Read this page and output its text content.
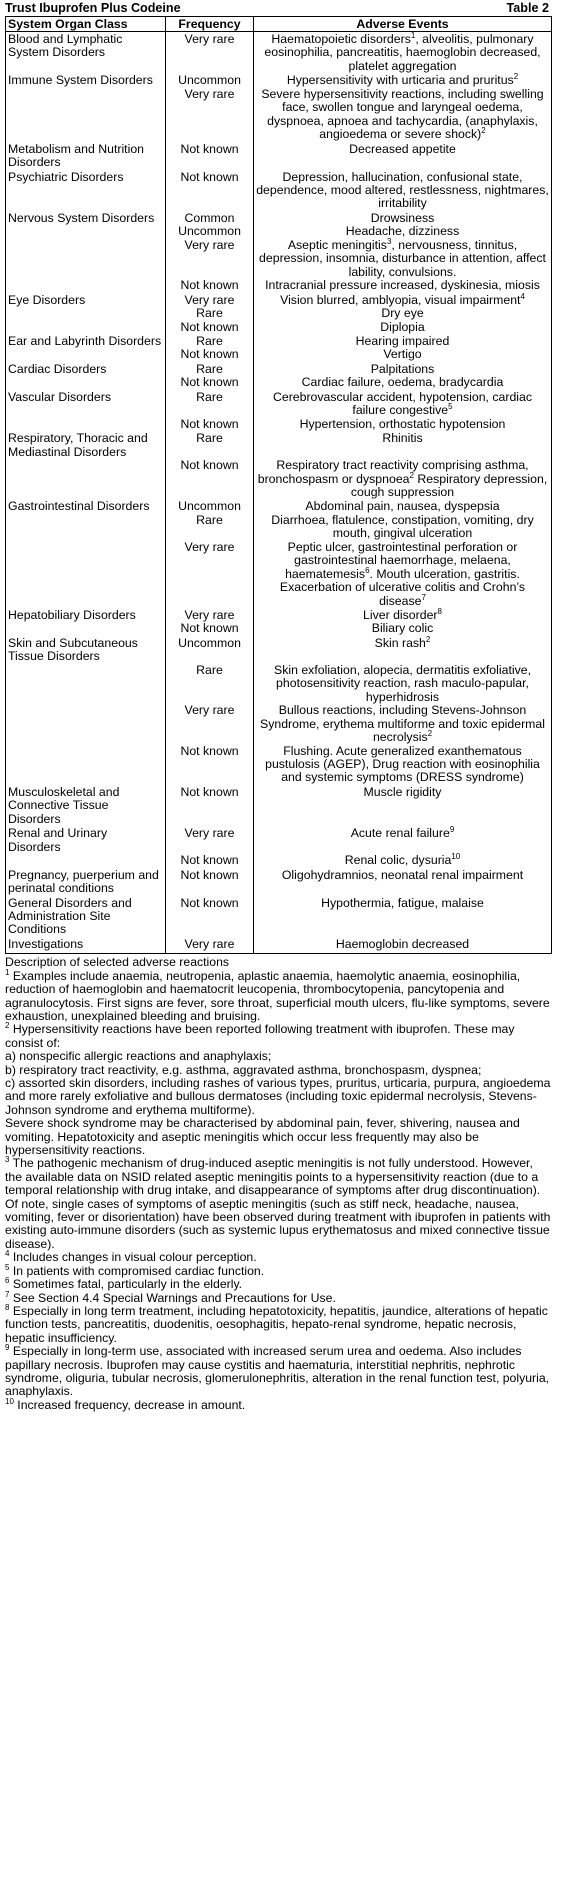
Trust Ibuprofen Plus Codeine	Table 2
System Organ Class	Frequency	Adverse Events
Blood and Lymphatic System Disorders	Very rare	Haematopoietic disorders$^1$, alveolitis, pulmonary eosinophilia, pancreatitis, haemoglobin decreased, platelet aggregation
Immune System Disorders	Uncommon	Hypersensitivity with urticaria and pruritus$^2$
	Very rare	Severe hypersensitivity reactions, including swelling face, swollen tongue and laryngeal oedema, dyspnoea, apnoea and tachycardia, (anaphylaxis, angioedema or severe shock)$^2$
Metabolism and Nutrition Disorders	Not known	Decreased appetite
Psychiatric Disorders	Not known	Depression, hallucination, confusional state, dependence, mood altered, restlessness, nightmares, irritability
Nervous System Disorders	Common	Drowsiness
	Uncommon	Headache, dizziness
	Very rare	Aseptic meningitis$^3$, nervousness, tinnitus, depression, insomnia, disturbance in attention, affect lability, convulsions.
	Not known	Intracranial pressure increased, dyskinesia, miosis
Eye Disorders	Very rare	Vision blurred, amblyopia, visual impairment$^4$
	Rare	Dry eye
	Not known	Diplopia
Ear and Labyrinth Disorders	Rare	Hearing impaired
	Not known	Vertigo
Cardiac Disorders	Rare	Palpitations
	Not known	Cardiac failure, oedema, bradycardia
Vascular Disorders	Rare	Cerebrovascular accident, hypotension, cardiac failure congestive$^5$
	Not known	Hypertension, orthostatic hypotension
Respiratory, Thoracic and Mediastinal Disorders	Rare	Rhinitis
	Not known	Respiratory tract reactivity comprising asthma, bronchospasm or dyspnoea$^2$ Respiratory depression, cough suppression
Gastrointestinal Disorders	Uncommon	Abdominal pain, nausea, dyspepsia
	Rare	Diarrhoea, flatulence, constipation, vomiting, dry mouth, gingival ulceration
	Very rare	Peptic ulcer, gastrointestinal perforation or gastrointestinal haemorrhage, melaena, haematemesis$^6$. Mouth ulceration, gastritis. Exacerbation of ulcerative colitis and Crohn’s disease$^7$
Hepatobiliary Disorders	Very rare	Liver disorder$^8$
	Not known	Biliary colic
Skin and Subcutaneous Tissue Disorders	Uncommon	Skin rash$^2$
	Rare	Skin exfoliation, alopecia, dermatitis exfoliative, photosensitivity reaction, rash maculo-papular, hyperhidrosis
	Very rare	Bullous reactions, including Stevens-Johnson Syndrome, erythema multiforme and toxic epidermal necrolysis$^2$
	Not known	Flushing. Acute generalized exanthematous pustulosis (AGEP), Drug reaction with eosinophilia and systemic symptoms (DRESS syndrome)
Musculoskeletal and Connective Tissue Disorders	Not known	Muscle rigidity
Renal and Urinary Disorders	Very rare	Acute renal failure$^9$
	Not known	Renal colic, dysuria$^{10}$
Pregnancy, puerperium and perinatal conditions	Not known	Oligohydramnios, neonatal renal impairment
General Disorders and Administration Site Conditions	Not known	Hypothermia, fatigue, malaise
Investigations	Very rare	Haemoglobin decreased

Description of selected adverse reactions

$^1$ Examples include anaemia, neutropenia, aplastic anaemia, haemolytic anaemia, eosinophilia, reduction of haemoglobin and haematocrit leucopenia, thrombocytopenia, pancytopenia and agranulocytosis. First signs are fever, sore throat, superficial mouth ulcers, flu-like symptoms, severe exhaustion, unexplained bleeding and bruising.

$^2$ Hypersensitivity reactions have been reported following treatment with ibuprofen. These may consist of:

a) nonspecific allergic reactions and anaphylaxis;

b) respiratory tract reactivity, e.g. asthma, aggravated asthma, bronchospasm, dyspnea;

c) assorted skin disorders, including rashes of various types, pruritus, urticaria, purpura, angioedema and more rarely exfoliative and bullous dermatoses (including toxic epidermal necrolysis, Stevens-Johnson syndrome and erythema multiforme).

Severe shock syndrome may be characterised by abdominal pain, fever, shivering, nausea and vomiting. Hepatotoxicity and aseptic meningitis which occur less frequently may also be hypersensitivity reactions.

$^3$ The pathogenic mechanism of drug-induced aseptic meningitis is not fully understood. However, the available data on NSID related aseptic meningitis points to a hypersensitivity reaction (due to a temporal relationship with drug intake, and disappearance of symptoms after drug discontinuation). Of note, single cases of symptoms of aseptic meningitis (such as stiff neck, headache, nausea, vomiting, fever or disorientation) have been observed during treatment with ibuprofen in patients with existing auto-immune disorders (such as systemic lupus erythematosus and mixed connective tissue disease).

$^4$ Includes changes in visual colour perception.

$^5$ In patients with compromised cardiac function.

$^6$ Sometimes fatal, particularly in the elderly.

$^7$ See Section 4.4 Special Warnings and Precautions for Use.

$^8$ Especially in long term treatment, including hepatotoxicity, hepatitis, jaundice, alterations of hepatic function tests, pancreatitis, duodenitis, oesophagitis, hepato-renal syndrome, hepatic necrosis, hepatic insufficiency.

$^9$ Especially in long-term use, associated with increased serum urea and oedema. Also includes papillary necrosis. Ibuprofen may cause cystitis and haematuria, interstitial nephritis, nephrotic syndrome, oliguria, tubular necrosis, glomerulonephritis, alteration in the renal function test, polyuria, anaphylaxis.

$^{10}$ Increased frequency, decrease in amount.
